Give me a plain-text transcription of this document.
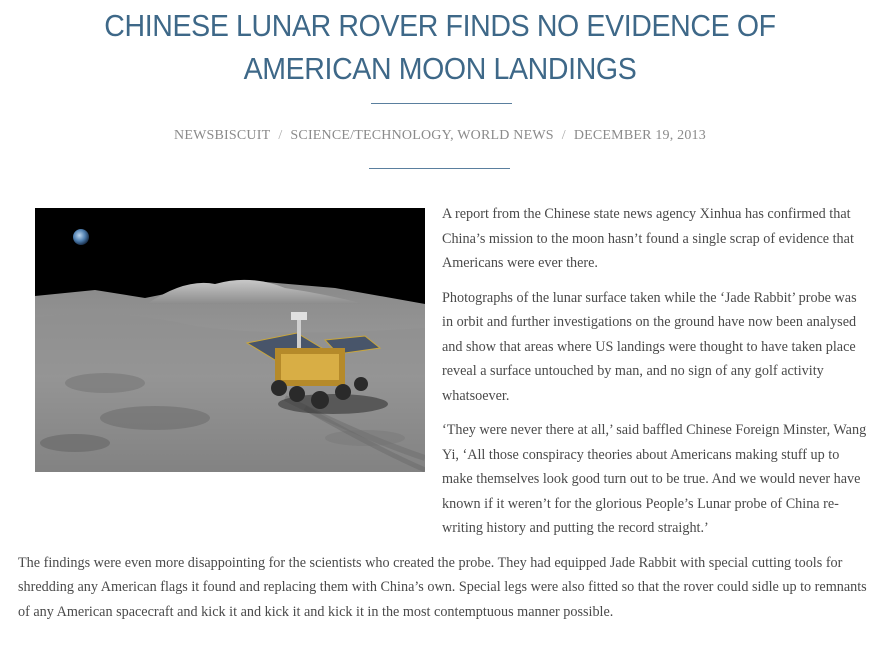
CHINESE LUNAR ROVER FINDS NO EVIDENCE OF AMERICAN MOON LANDINGS
NEWSBISCUIT / SCIENCE/TECHNOLOGY, WORLD NEWS / DECEMBER 19, 2013

A report from the Chinese state news agency Xinhua has confirmed that China’s mission to the moon hasn’t found a single scrap of evidence that Americans were ever there.

Photographs of the lunar surface taken while the ‘Jade Rabbit’ probe was in orbit and further investigations on the ground have now been analysed and show that areas where US landings were thought to have taken place reveal a surface untouched by man, and no sign of any golf activity whatsoever.

‘They were never there at all,’ said baffled Chinese Foreign Minster, Wang Yi, ‘All those conspiracy theories about Americans making stuff up to make themselves look good turn out to be true. And we would never have known if it weren’t for the glorious People’s Lunar probe of China re-writing history and putting the record straight.’

The findings were even more disappointing for the scientists who created the probe. They had equipped Jade Rabbit with special cutting tools for shredding any American flags it found and replacing them with China’s own. Special legs were also fitted so that the rover could sidle up to remnants of any American spacecraft and kick it and kick it and kick it in the most contemptuous manner possible.
